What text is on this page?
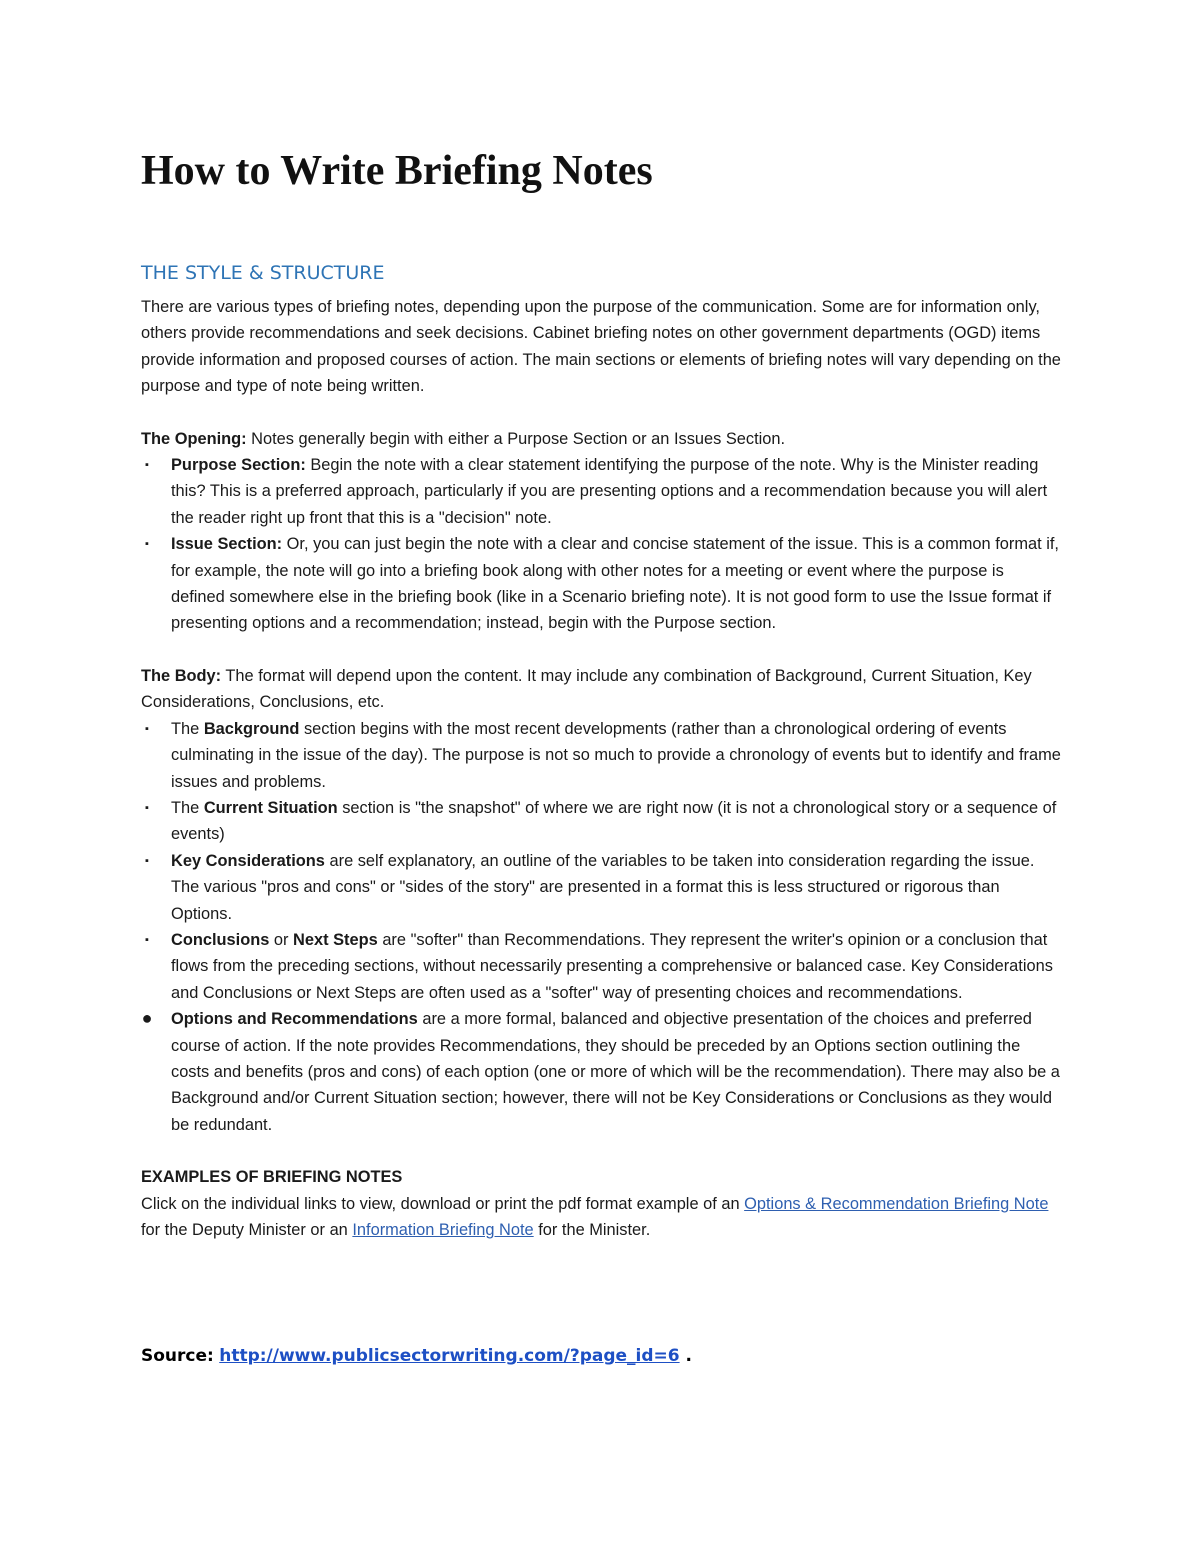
How to Write Briefing Notes
THE STYLE & STRUCTURE

There are various types of briefing notes, depending upon the purpose of the communication. Some are for information only, others provide recommendations and seek decisions. Cabinet briefing notes on other government departments (OGD) items provide information and proposed courses of action. The main sections or elements of briefing notes will vary depending on the purpose and type of note being written.

The Opening: Notes generally begin with either a Purpose Section or an Issues Section.

▪ Purpose Section: Begin the note with a clear statement identifying the purpose of the note. Why is the Minister reading this? This is a preferred approach, particularly if you are presenting options and a recommendation because you will alert the reader right up front that this is a "decision" note.
▪ Issue Section: Or, you can just begin the note with a clear and concise statement of the issue. This is a common format if, for example, the note will go into a briefing book along with other notes for a meeting or event where the purpose is defined somewhere else in the briefing book (like in a Scenario briefing note). It is not good form to use the Issue format if presenting options and a recommendation; instead, begin with the Purpose section.

The Body: The format will depend upon the content. It may include any combination of Background, Current Situation, Key Considerations, Conclusions, etc.

▪ The Background section begins with the most recent developments (rather than a chronological ordering of events culminating in the issue of the day). The purpose is not so much to provide a chronology of events but to identify and frame issues and problems.
▪ The Current Situation section is "the snapshot" of where we are right now (it is not a chronological story or a sequence of events)
▪ Key Considerations are self explanatory, an outline of the variables to be taken into consideration regarding the issue. The various "pros and cons" or "sides of the story" are presented in a format this is less structured or rigorous than Options.
▪ Conclusions or Next Steps are "softer" than Recommendations. They represent the writer's opinion or a conclusion that flows from the preceding sections, without necessarily presenting a comprehensive or balanced case. Key Considerations and Conclusions or Next Steps are often used as a "softer" way of presenting choices and recommendations.
● Options and Recommendations are a more formal, balanced and objective presentation of the choices and preferred course of action. If the note provides Recommendations, they should be preceded by an Options section outlining the costs and benefits (pros and cons) of each option (one or more of which will be the recommendation). There may also be a Background and/or Current Situation section; however, there will not be Key Considerations or Conclusions as they would be redundant.

EXAMPLES OF BRIEFING NOTES

Click on the individual links to view, download or print the pdf format example of an Options & Recommendation Briefing Note for the Deputy Minister or an Information Briefing Note for the Minister.

Source: http://www.publicsectorwriting.com/?page_id=6 .
